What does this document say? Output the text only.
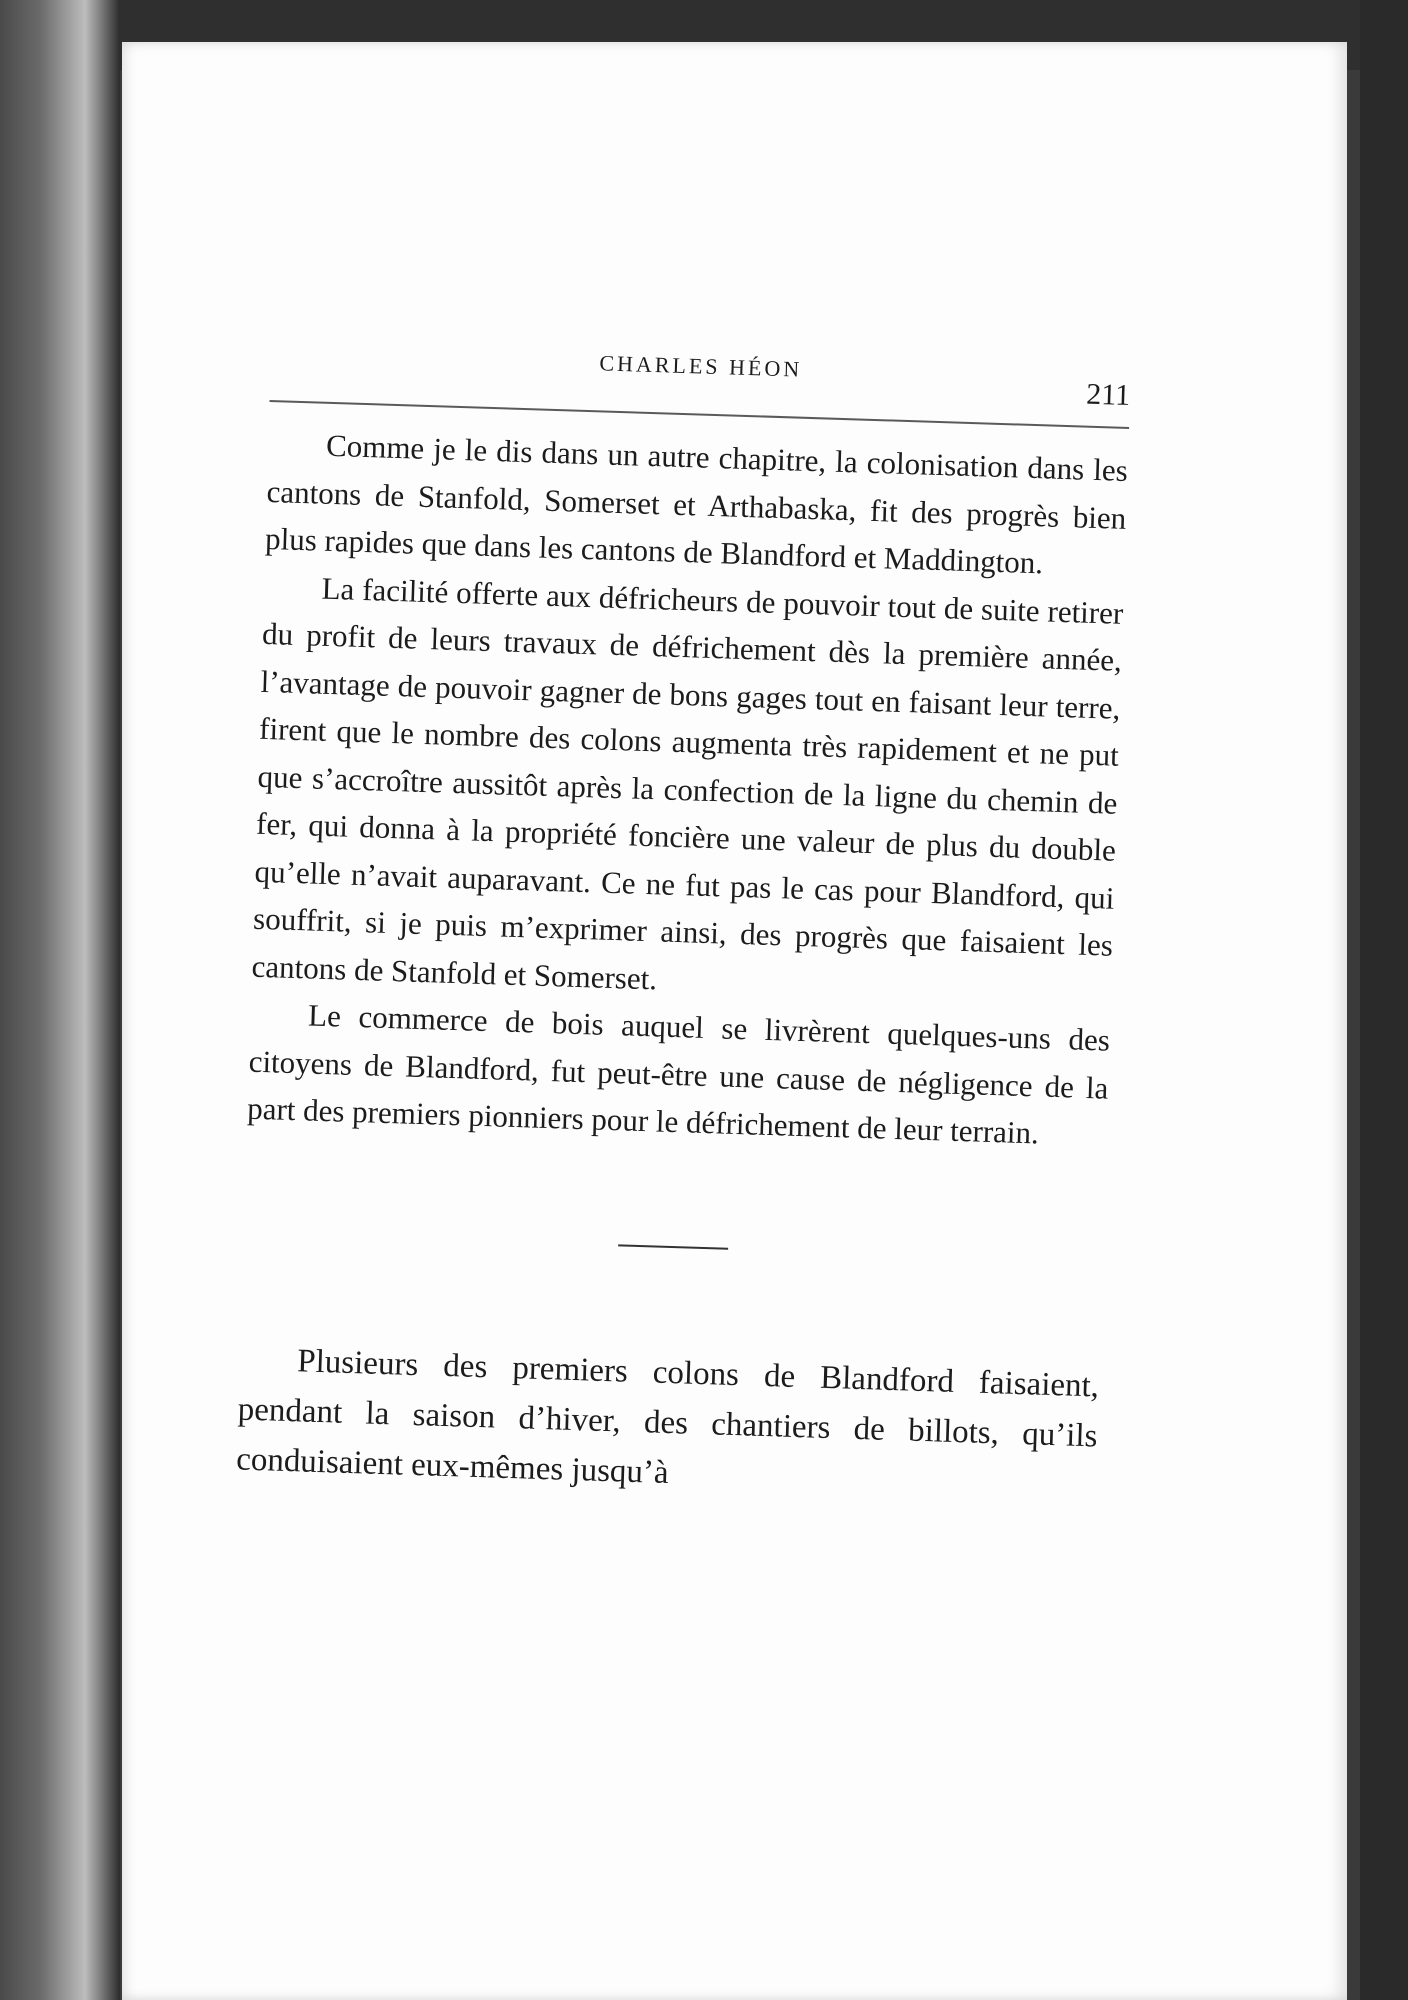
CHARLES HÉON
211

Comme je le dis dans un autre chapitre, la colonisation dans les cantons de Stanfold, Somerset et Arthabaska, fit des progrès bien plus rapides que dans les cantons de Blandford et Maddington.

La facilité offerte aux défricheurs de pouvoir tout de suite retirer du profit de leurs travaux de défrichement dès la première année, l’avantage de pouvoir gagner de bons gages tout en faisant leur terre, firent que le nombre des colons augmenta très rapidement et ne put que s’accroître aussitôt après la confection de la ligne du chemin de fer, qui donna à la propriété foncière une valeur de plus du double qu’elle n’avait auparavant. Ce ne fut pas le cas pour Blandford, qui souffrit, si je puis m’exprimer ainsi, des progrès que faisaient les cantons de Stanfold et Somerset.

Le commerce de bois auquel se livrèrent quelques-uns des citoyens de Blandford, fut peut-être une cause de négligence de la part des premiers pionniers pour le défrichement de leur terrain.

Plusieurs des premiers colons de Blandford faisaient, pendant la saison d’hiver, des chantiers de billots, qu’ils conduisaient eux-mêmes jusqu’à
